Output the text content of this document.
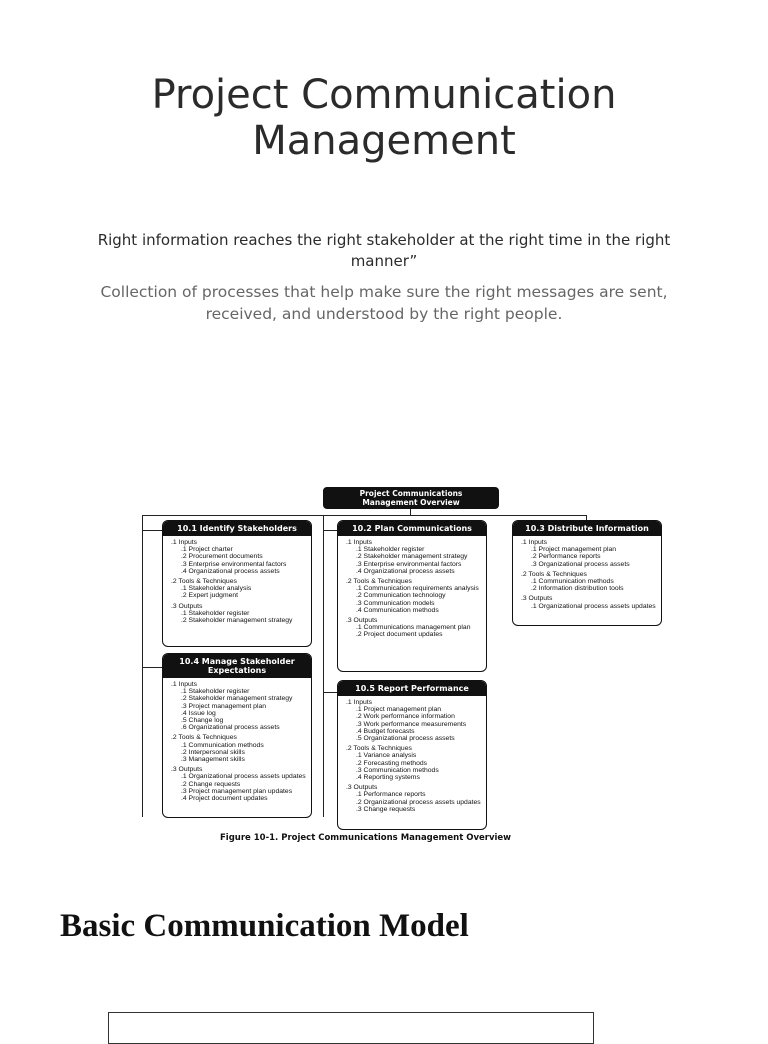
Project Communication
Management
Right information reaches the right stakeholder at the right time in the right manner”
Collection of processes that help make sure the right messages are sent, received, and understood by the right people.
Project Communications
Management Overview
10.1 Identify Stakeholders
.1 Inputs
.1 Project charter
.2 Procurement documents
.3 Enterprise environmental factors
.4 Organizational process assets
.2 Tools & Techniques
.1 Stakeholder analysis
.2 Expert judgment
.3 Outputs
.1 Stakeholder register
.2 Stakeholder management strategy
10.2 Plan Communications
.1 Inputs
.1 Stakeholder register
.2 Stakeholder management strategy
.3 Enterprise environmental factors
.4 Organizational process assets
.2 Tools & Techniques
.1 Communication requirements analysis
.2 Communication technology
.3 Communication models
.4 Communication methods
.3 Outputs
.1 Communications management plan
.2 Project document updates
10.3 Distribute Information
.1 Inputs
.1 Project management plan
.2 Performance reports
.3 Organizational process assets
.2 Tools & Techniques
.1 Communication methods
.2 Information distribution tools
.3 Outputs
.1 Organizational process assets updates
10.4 Manage Stakeholder Expectations
.1 Inputs
.1 Stakeholder register
.2 Stakeholder management strategy
.3 Project management plan
.4 Issue log
.5 Change log
.6 Organizational process assets
.2 Tools & Techniques
.1 Communication methods
.2 Interpersonal skills
.3 Management skills
.3 Outputs
.1 Organizational process assets updates
.2 Change requests
.3 Project management plan updates
.4 Project document updates
10.5 Report Performance
.1 Inputs
.1 Project management plan
.2 Work performance information
.3 Work performance measurements
.4 Budget forecasts
.5 Organizational process assets
.2 Tools & Techniques
.1 Variance analysis
.2 Forecasting methods
.3 Communication methods
.4 Reporting systems
.3 Outputs
.1 Performance reports
.2 Organizational process assets updates
.3 Change requests
Figure 10-1. Project Communications Management Overview
Basic Communication Model
